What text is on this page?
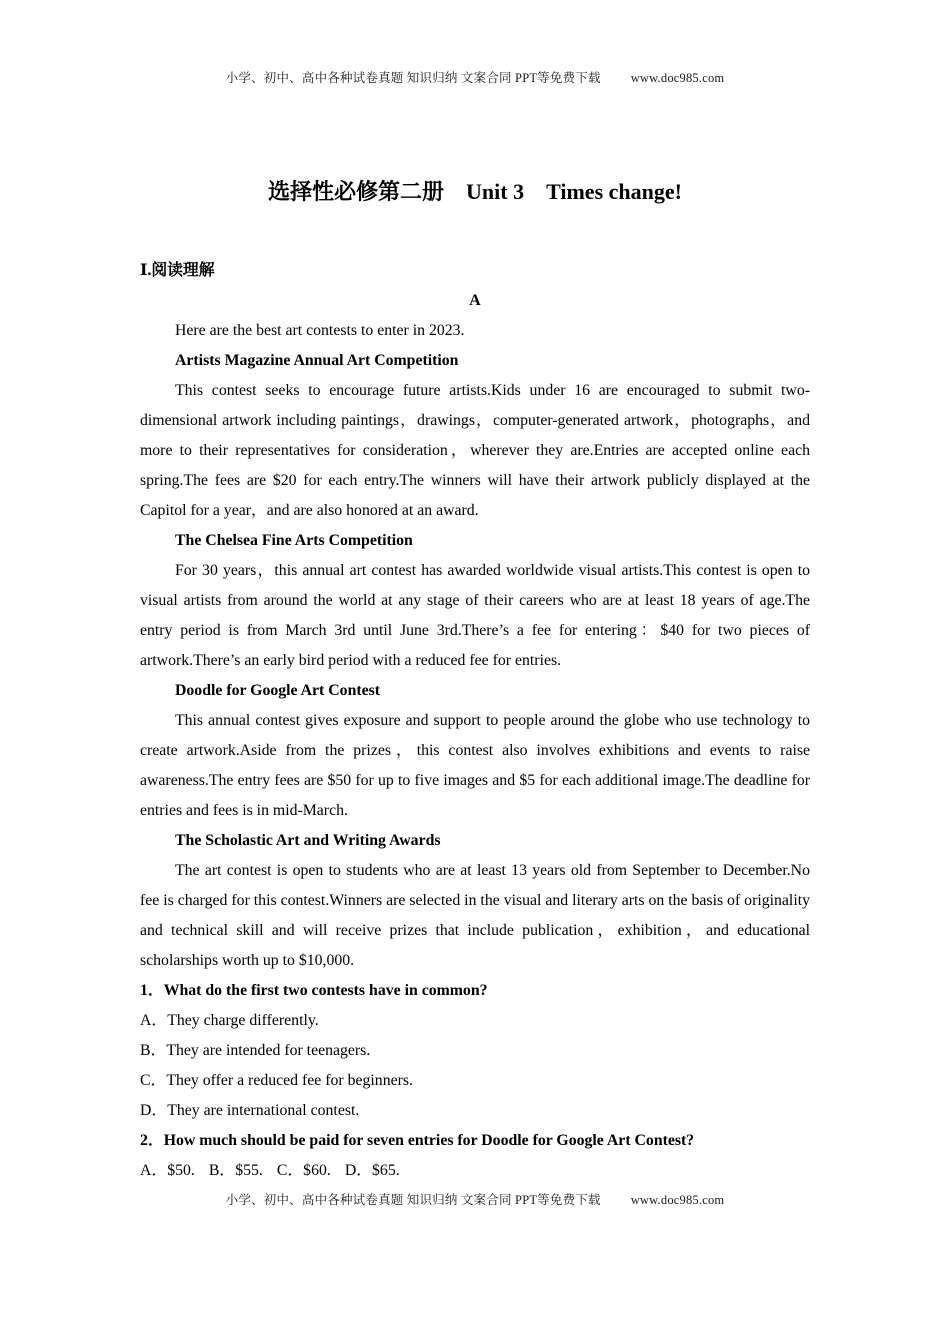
小学、初中、高中各种试卷真题 知识归纳 文案合同 PPT等免费下载 www.doc985.com
选择性必修第二册　Unit 3　Times change!

Ⅰ.阅读理解

A

Here are the best art contests to enter in 2023.

Artists Magazine Annual Art Competition

This contest seeks to encourage future artists.Kids under 16 are encouraged to submit two-dimensional artwork including paintings，drawings，computer-generated artwork，photographs，and more to their representatives for consideration，wherever they are.Entries are accepted online each spring.The fees are $20 for each entry.The winners will have their artwork publicly displayed at the Capitol for a year，and are also honored at an award.

The Chelsea Fine Arts Competition

For 30 years，this annual art contest has awarded worldwide visual artists.This contest is open to visual artists from around the world at any stage of their careers who are at least 18 years of age.The entry period is from March 3rd until June 3rd.There’s a fee for entering：$40 for two pieces of artwork.There’s an early bird period with a reduced fee for entries.

Doodle for Google Art Contest

This annual contest gives exposure and support to people around the globe who use technology to create artwork.Aside from the prizes，this contest also involves exhibitions and events to raise awareness.The entry fees are $50 for up to five images and $5 for each additional image.The deadline for entries and fees is in mid-March.

The Scholastic Art and Writing Awards

The art contest is open to students who are at least 13 years old from September to December.No fee is charged for this contest.Winners are selected in the visual and literary arts on the basis of originality and technical skill and will receive prizes that include publication，exhibition，and educational scholarships worth up to $10,000.

1．What do the first two contests have in common?

A．They charge differently.

B．They are intended for teenagers.

C．They offer a reduced fee for beginners.

D．They are international contest.

2．How much should be paid for seven entries for Doodle for Google Art Contest?

A．$50. B．$55. C．$60. D．$65.

小学、初中、高中各种试卷真题 知识归纳 文案合同 PPT等免费下载 www.doc985.com
